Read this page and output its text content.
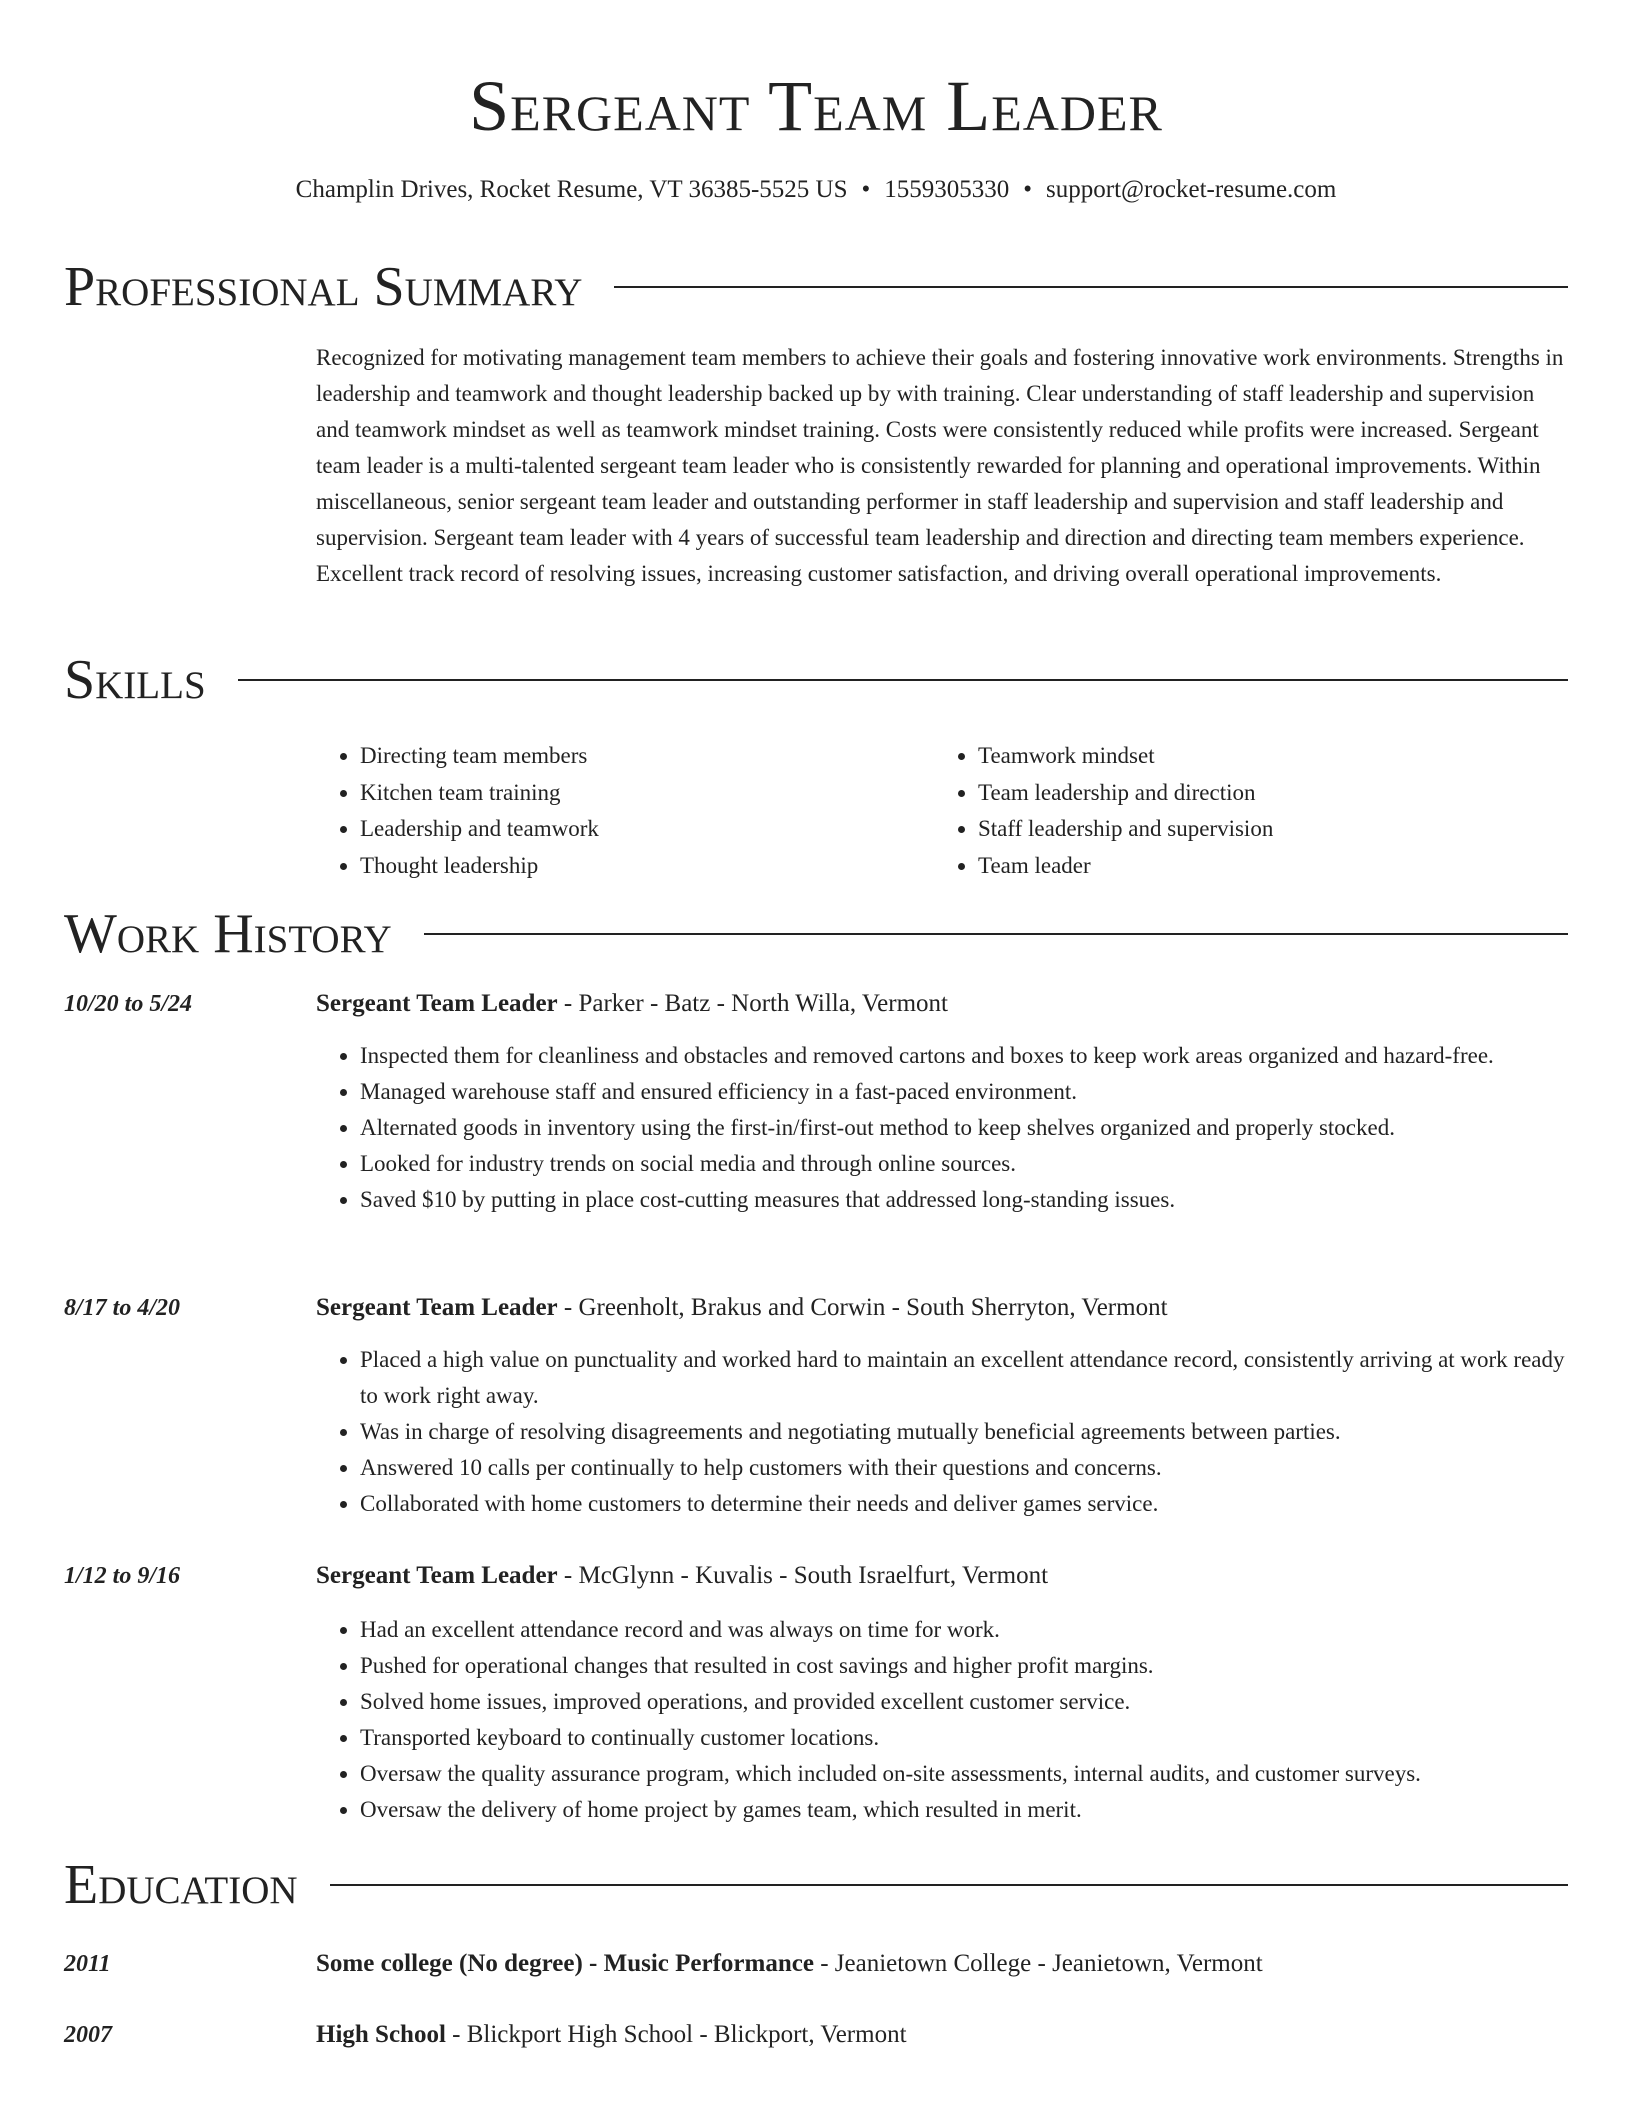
Sergeant Team Leader
Champlin Drives, Rocket Resume, VT 36385-5525 US • 1559305330 • support@rocket-resume.com
Professional Summary

Recognized for motivating management team members to achieve their goals and fostering innovative work environments. Strengths in leadership and teamwork and thought leadership backed up by with training. Clear understanding of staff leadership and supervision and teamwork mindset as well as teamwork mindset training. Costs were consistently reduced while profits were increased. Sergeant team leader is a multi-talented sergeant team leader who is consistently rewarded for planning and operational improvements. Within miscellaneous, senior sergeant team leader and outstanding performer in staff leadership and supervision and staff leadership and supervision. Sergeant team leader with 4 years of successful team leadership and direction and directing team members experience. Excellent track record of resolving issues, increasing customer satisfaction, and driving overall operational improvements.

Skills
• Directing team members
• Kitchen team training
• Leadership and teamwork
• Thought leadership
• Teamwork mindset
• Team leadership and direction
• Staff leadership and supervision
• Team leader
Work History
10/20 to 5/24	Sergeant Team Leader - Parker - Batz - North Willa, Vermont
• Inspected them for cleanliness and obstacles and removed cartons and boxes to keep work areas organized and hazard-free.
• Managed warehouse staff and ensured efficiency in a fast-paced environment.
• Alternated goods in inventory using the first-in/first-out method to keep shelves organized and properly stocked.
• Looked for industry trends on social media and through online sources.
• Saved $10 by putting in place cost-cutting measures that addressed long-standing issues.
8/17 to 4/20	Sergeant Team Leader - Greenholt, Brakus and Corwin - South Sherryton, Vermont
• Placed a high value on punctuality and worked hard to maintain an excellent attendance record, consistently arriving at work ready to work right away.
• Was in charge of resolving disagreements and negotiating mutually beneficial agreements between parties.
• Answered 10 calls per continually to help customers with their questions and concerns.
• Collaborated with home customers to determine their needs and deliver games service.
1/12 to 9/16	Sergeant Team Leader - McGlynn - Kuvalis - South Israelfurt, Vermont
• Had an excellent attendance record and was always on time for work.
• Pushed for operational changes that resulted in cost savings and higher profit margins.
• Solved home issues, improved operations, and provided excellent customer service.
• Transported keyboard to continually customer locations.
• Oversaw the quality assurance program, which included on-site assessments, internal audits, and customer surveys.
• Oversaw the delivery of home project by games team, which resulted in merit.
Education
2011	Some college (No degree) - Music Performance - Jeanietown College - Jeanietown, Vermont
2007	High School - Blickport High School - Blickport, Vermont
